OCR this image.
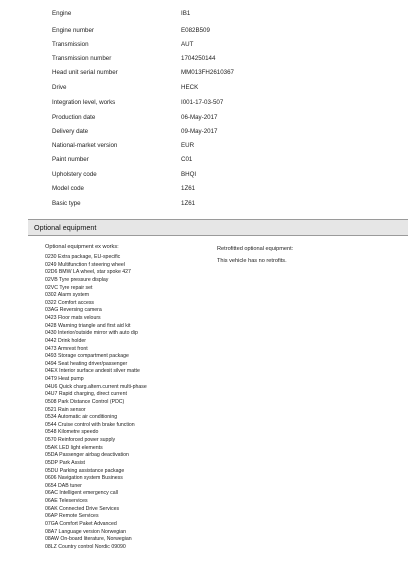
Engine	IB1
Engine number	E082B509
Transmission	AUT
Transmission number	1704250144
Head unit serial number	MM013FH2610367
Drive	HECK
Integration level, works	I001-17-03-507
Production date	06-May-2017
Delivery date	09-May-2017
National-market version	EUR
Paint number	C01
Upholstery code	BHQI
Model code	1Z61
Basic type	1Z61
Optional equipment
Optional equipment ex works:	Retrofitted optional equipment:
This vehicle has no retrofits.
0230 Extra package, EU-specific
0249 Multifunction f steering wheel
02D6 BMW LA wheel, star spoke 427
02VB Tyre pressure display
02VC Tyre repair set
0302 Alarm system
0322 Comfort access
03AG Reversing camera
0423 Floor mats velours
0428 Warning triangle and first aid kit
0430 Interior/outside mirror with auto dip
0442 Drink holder
0473 Armrest front
0493 Storage compartment package
0494 Seat heating driver/passenger
04EX Interior surface andesit silver matte
04T9 Heat pump
04U6 Quick charg.altern.current multi-phase
04U7 Rapid charging, direct current
0508 Park Distance Control (PDC)
0521 Rain sensor
0534 Automatic air conditioning
0544 Cruise control with brake function
0548 Kilometre speedo
0570 Reinforced power supply
05AK LED light elements
05DA Passenger airbag deactivation
05DP Park Assist
05DU Parking assistance package
0606 Navigation system Business
0654 DAB tuner
06AC Intelligent emergency call
06AE Teleservices
06AK Connected Drive Services
06AP Remote Services
07GA Comfort Paket Advanced
08A7 Language version Norwegian
08AW On-board literature, Norwegian
08LZ Country control Nordic 09090
